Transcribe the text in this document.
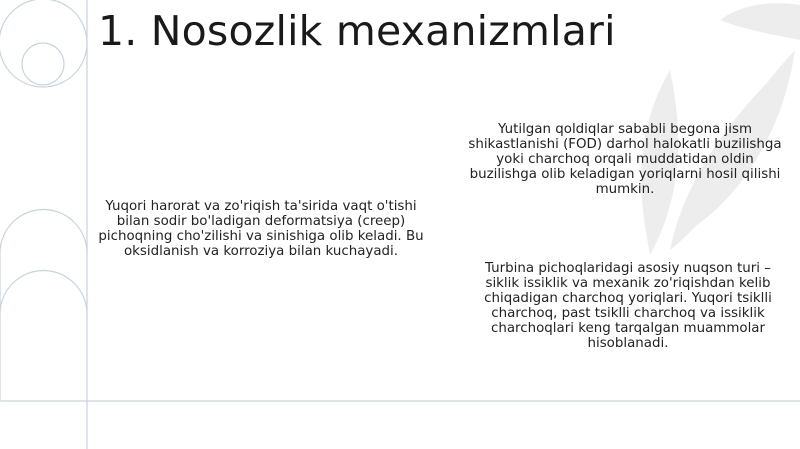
1. Nosozlik mexanizmlari

Yuqori harorat va zo'riqish ta'sirida vaqt o'tishi bilan sodir bo'ladigan deformatsiya (creep) pichoqning cho'zilishi va sinishiga olib keladi. Bu oksidlanish va korroziya bilan kuchayadi.

Yutilgan qoldiqlar sababli begona jism shikastlanishi (FOD) darhol halokatli buzilishga yoki charchoq orqali muddatidan oldin buzilishga olib keladigan yoriqlarni hosil qilishi mumkin.

Turbina pichoqlaridagi asosiy nuqson turi – siklik issiklik va mexanik zo'riqishdan kelib chiqadigan charchoq yoriqlari. Yuqori tsiklli charchoq, past tsiklli charchoq va issiklik charchoqlari keng tarqalgan muammolar hisoblanadi.
